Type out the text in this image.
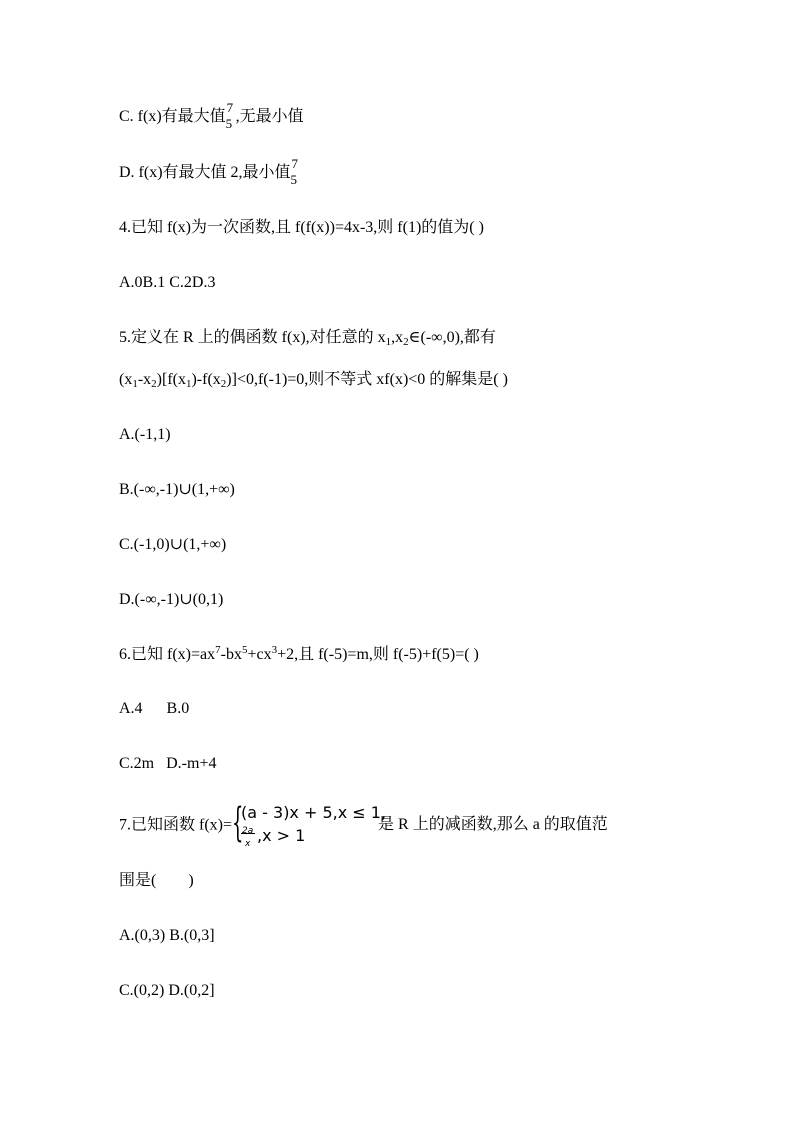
C. f(x)有最大值
7
5 ,无最小值
D. f(x)有最大值 2,最小值
7
5
4.已知 f(x)为一次函数,且 f(f(x))=4x-3,则 f(1)的值为( )
A.0B.1 C.2D.3
5.定义在 R 上的偶函数 f(x),对任意的 $x_1,x_2\in(-\infty,0)$,都有
$(x_1-x_2)[f(x_1)-f(x_2)]<0,f(-1)=0$,则不等式 xf(x)<0 的解集是( )
A.(-1,1)
B.(-∞,-1)∪(1,+∞)
C.(-1,0)∪(1,+∞)
D.(-∞,-1)∪(0,1)
6.已知 $f(x)=ax^7-bx^5+cx^3+2$,且 f(-5)=m,则 f(-5)+f(5)=( )
A.4      B.0
C.2m   D.-m+4
7.已知函数 f(x)= {
(a - 3)x + 5,x ≤ 1,
2a
x ,x > 1
是 R 上的减函数,那么 a 的取值范
围是(        )
A.(0,3) B.(0,3]
C.(0,2) D.(0,2]
